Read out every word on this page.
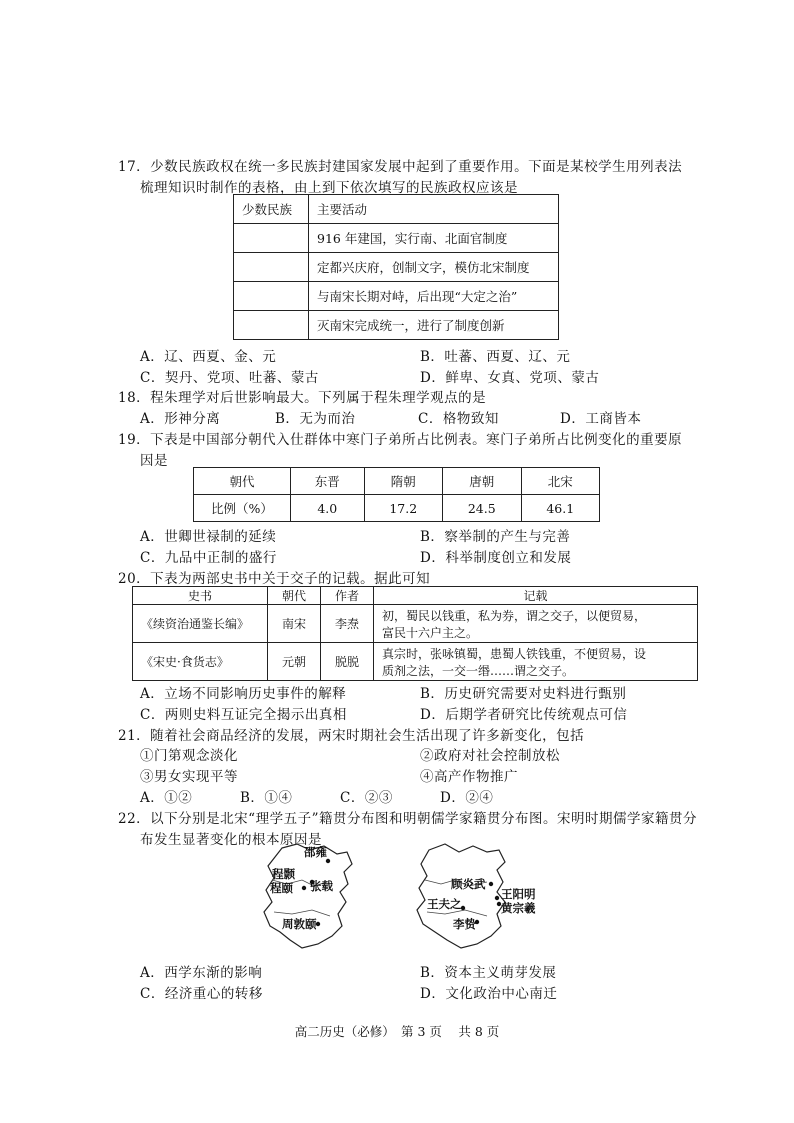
17．少数民族政权在统一多民族封建国家发展中起到了重要作用。下面是某校学生用列表法
梳理知识时制作的表格，由上到下依次填写的民族政权应该是
少数民族	主要活动
	916 年建国，实行南、北面官制度
	定都兴庆府，创制文字，模仿北宋制度
	与南宋长期对峙，后出现“大定之治”
	灭南宋完成统一，进行了制度创新
A．辽、西夏、金、元	B．吐蕃、西夏、辽、元
C．契丹、党项、吐蕃、蒙古	D．鲜卑、女真、党项、蒙古
18．程朱理学对后世影响最大。下列属于程朱理学观点的是
A．形神分离	B．无为而治	C．格物致知	D．工商皆本
19．下表是中国部分朝代入仕群体中寒门子弟所占比例表。寒门子弟所占比例变化的重要原
因是
朝代	东晋	隋朝	唐朝	北宋
比例（%）	4.0	17.2	24.5	46.1
A．世卿世禄制的延续	B．察举制的产生与完善
C．九品中正制的盛行	D．科举制度创立和发展
20．下表为两部史书中关于交子的记载。据此可知
史书	朝代	作者	记载
《续资治通鉴长编》	南宋	李焘	初，蜀民以钱重，私为券，谓之交子，以便贸易，
富民十六户主之。

《宋史·食货志》	元朝	脱脱	真宗时，张咏镇蜀，患蜀人铁钱重，不便贸易，设
质剂之法，一交一缗……谓之交子。
A．立场不同影响历史事件的解释	B．历史研究需要对史料进行甄别
C．两则史料互证完全揭示出真相	D．后期学者研究比传统观点可信
21．随着社会商品经济的发展，两宋时期社会生活出现了许多新变化，包括
①门第观念淡化	②政府对社会控制放松
③男女实现平等	④高产作物推广
A．①②	B．①④	C．②③	D．②④
22．以下分别是北宋“理学五子”籍贯分布图和明朝儒学家籍贯分布图。宋明时期儒学家籍贯分
布发生显著变化的根本原因是
邵雍
程颢
程颐 张载
周敦颐
顾炎武
王阳明
黄宗羲
王夫之
李贽
A．西学东渐的影响	B．资本主义萌芽发展
C．经济重心的转移	D．文化政治中心南迁
高二历史（必修）　第 3 页　 共 8 页
